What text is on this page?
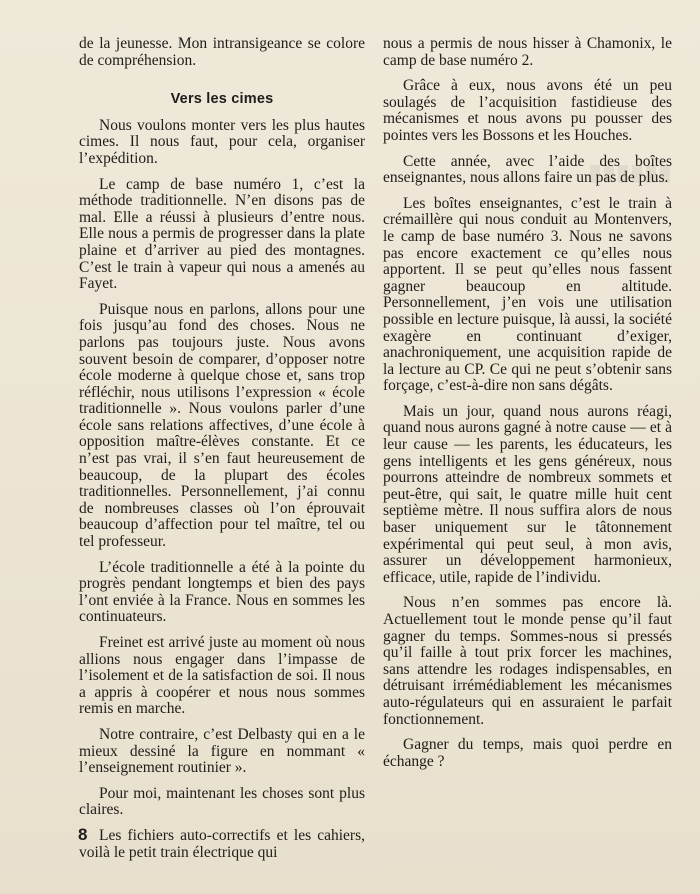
de la jeunesse. Mon intransigeance se colore de compréhension.

Vers les cimes

Nous voulons monter vers les plus hautes cimes. Il nous faut, pour cela, organiser l’expédition.

Le camp de base numéro 1, c’est la méthode traditionnelle. N’en disons pas de mal. Elle a réussi à plusieurs d’entre nous. Elle nous a permis de progresser dans la plate plaine et d’arriver au pied des montagnes. C’est le train à vapeur qui nous a amenés au Fayet.

Puisque nous en parlons, allons pour une fois jusqu’au fond des choses. Nous ne parlons pas toujours juste. Nous avons souvent besoin de comparer, d’opposer notre école moderne à quelque chose et, sans trop réfléchir, nous utilisons l’expression « école traditionnelle ». Nous voulons parler d’une école sans relations affectives, d’une école à opposition maître-élèves constante. Et ce n’est pas vrai, il s’en faut heureusement de beaucoup, de la plupart des écoles traditionnelles. Personnellement, j’ai connu de nombreuses classes où l’on éprouvait beaucoup d’affection pour tel maître, tel ou tel professeur.

L’école traditionnelle a été à la pointe du progrès pendant longtemps et bien des pays l’ont enviée à la France. Nous en sommes les continuateurs.

Freinet est arrivé juste au moment où nous allions nous engager dans l’impasse de l’isolement et de la satisfaction de soi. Il nous a appris à coopérer et nous nous sommes remis en marche.

Notre contraire, c’est Delbasty qui en a le mieux dessiné la figure en nommant « l’enseignement routinier ».

Pour moi, maintenant les choses sont plus claires.

Les fichiers auto-correctifs et les cahiers, voilà le petit train électrique qui

nous a permis de nous hisser à Chamonix, le camp de base numéro 2.

Grâce à eux, nous avons été un peu soulagés de l’acquisition fastidieuse des mécanismes et nous avons pu pousser des pointes vers les Bossons et les Houches.

Cette année, avec l’aide des boîtes enseignantes, nous allons faire un pas de plus.

Les boîtes enseignantes, c’est le train à crémaillère qui nous conduit au Montenvers, le camp de base numéro 3. Nous ne savons pas encore exactement ce qu’elles nous apportent. Il se peut qu’elles nous fassent gagner beaucoup en altitude. Personnellement, j’en vois une utilisation possible en lecture puisque, là aussi, la société exagère en continuant d’exiger, anachroniquement, une acquisition rapide de la lecture au CP. Ce qui ne peut s’obtenir sans forçage, c’est-à-dire non sans dégâts.

Mais un jour, quand nous aurons réagi, quand nous aurons gagné à notre cause — et à leur cause — les parents, les éducateurs, les gens intelligents et les gens généreux, nous pourrons atteindre de nombreux sommets et peut-être, qui sait, le quatre mille huit cent septième mètre. Il nous suffira alors de nous baser uniquement sur le tâtonnement expérimental qui peut seul, à mon avis, assurer un développement harmonieux, efficace, utile, rapide de l’individu.

Nous n’en sommes pas encore là. Actuellement tout le monde pense qu’il faut gagner du temps. Sommes-nous si pressés qu’il faille à tout prix forcer les machines, sans attendre les rodages indispensables, en détruisant irrémédiablement les mécanismes auto-régulateurs qui en assuraient le parfait fonctionnement.

Gagner du temps, mais quoi perdre en échange ?

8
